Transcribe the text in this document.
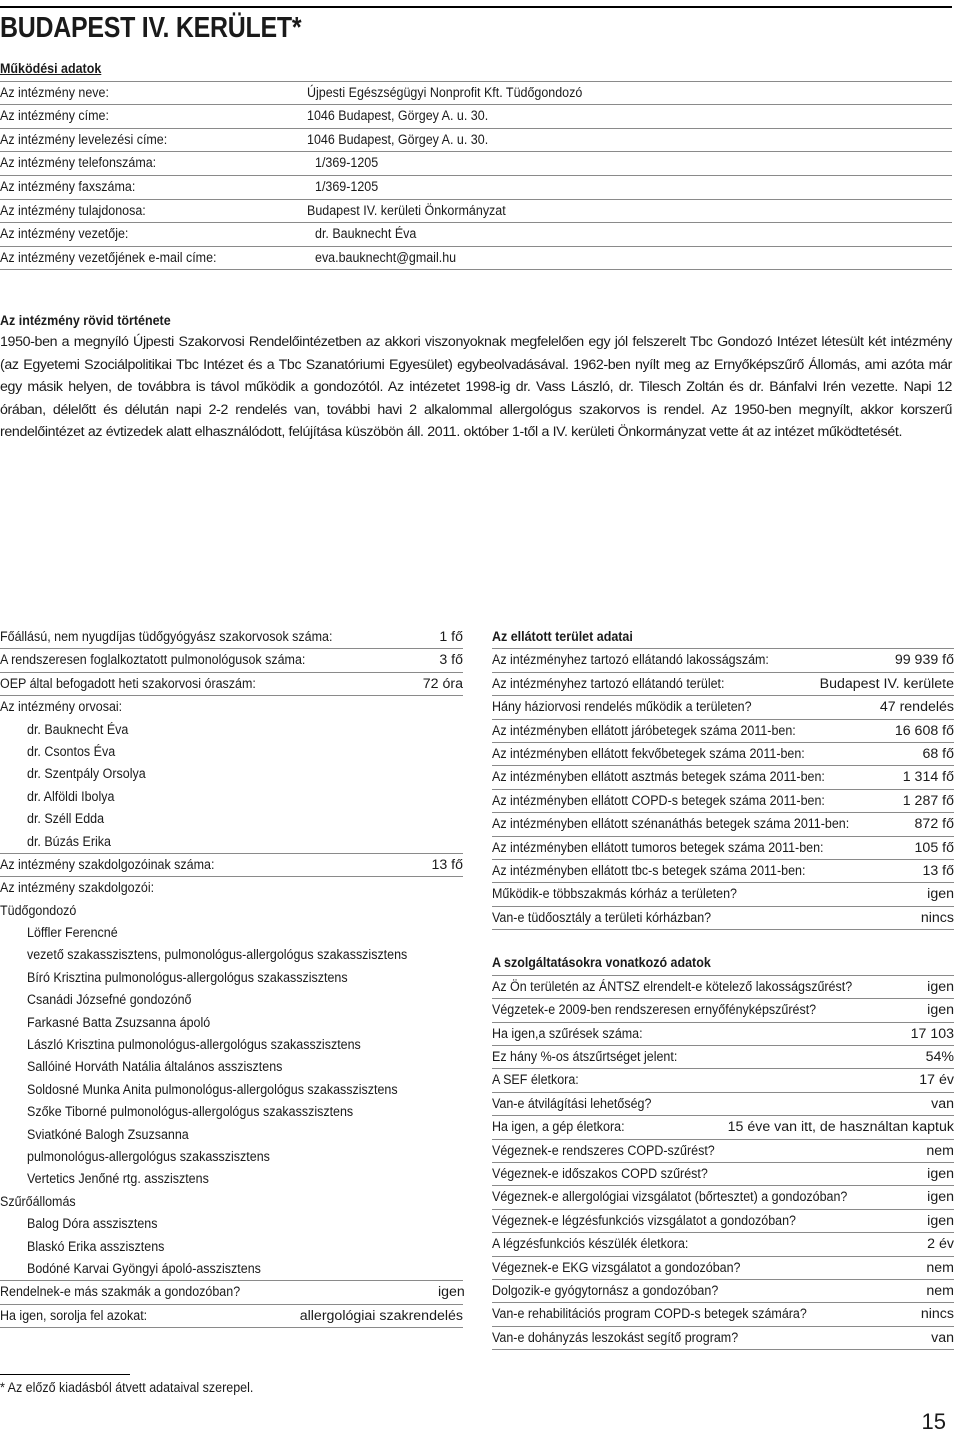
BUDAPEST IV. KERÜLET*
Működési adatok
Az intézmény neve:	Újpesti Egészségügyi Nonprofit Kft. Tüdőgondozó
Az intézmény címe:	1046 Budapest, Görgey A. u. 30.
Az intézmény levelezési címe:	1046 Budapest, Görgey A. u. 30.
Az intézmény telefonszáma:	1/369-1205
Az intézmény faxszáma:	1/369-1205
Az intézmény tulajdonosa:	Budapest IV. kerületi Önkormányzat
Az intézmény vezetője:	dr. Bauknecht Éva
Az intézmény vezetőjének e-mail címe:	eva.bauknecht@gmail.hu
Az intézmény rövid története

1950-ben a megnyíló Újpesti Szakorvosi Rendelőintézetben az akkori viszonyoknak megfelelően egy jól felszerelt Tbc Gondozó Intézet létesült két intézmény (az Egyetemi Szociálpolitikai Tbc Intézet és a Tbc Szanatóriumi Egyesület) egybeolvadásával. 1962-ben nyílt meg az Ernyőképszűrő Állomás, ami azóta már egy másik helyen, de továbbra is távol működik a gondozótól. Az intézetet 1998-ig dr. Vass László, dr. Tilesch Zoltán és dr. Bánfalvi Irén vezette. Napi 12 órában, délelőtt és délután napi 2-2 rendelés van, további havi 2 alkalommal allergológus szakorvos is rendel. Az 1950-ben megnyílt, akkor korszerű rendelőintézet az évtizedek alatt elhasználódott, felújítása küszöbön áll. 2011. október 1-től a IV. kerületi Önkormányzat vette át az intézet működtetését.

Főállású, nem nyugdíjas tüdőgyógyász szakorvosok száma:	1 fő
A rendszeresen foglalkoztatott pulmonológusok száma:	3 fő
OEP által befogadott heti szakorvosi óraszám:	72 óra
Az intézmény orvosai:
dr. Bauknecht Éva
dr. Csontos Éva
dr. Szentpály Orsolya
dr. Alföldi Ibolya
dr. Széll Edda
dr. Búzás Erika
Az intézmény szakdolgozóinak száma:	13 fő
Az intézmény szakdolgozói:
Tüdőgondozó
Löffler Ferencné
vezető szakasszisztens, pulmonológus-allergológus szakasszisztens
Bíró Krisztina pulmonológus-allergológus szakasszisztens
Csanádi Józsefné gondozónő
Farkasné Batta Zsuzsanna ápoló
László Krisztina pulmonológus-allergológus szakasszisztens
Sallóiné Horváth Natália általános asszisztens
Soldosné Munka Anita pulmonológus-allergológus szakasszisztens
Szőke Tiborné pulmonológus-allergológus szakasszisztens
Sviatkóné Balogh Zsuzsanna
pulmonológus-allergológus szakasszisztens
Vertetics Jenőné rtg. asszisztens
Szűrőállomás
Balog Dóra asszisztens
Blaskó Erika asszisztens
Bodóné Karvai Gyöngyi ápoló-asszisztens
Rendelnek-e más szakmák a gondozóban?	igen
Ha igen, sorolja fel azokat:	allergológiai szakrendelés
Az ellátott terület adatai
Az intézményhez tartozó ellátandó lakosságszám:	99 939 fő
Az intézményhez tartozó ellátandó terület:	Budapest IV. kerülete
Hány háziorvosi rendelés működik a területen?	47 rendelés
Az intézményben ellátott járóbetegek száma 2011-ben:	16 608 fő
Az intézményben ellátott fekvőbetegek száma 2011-ben:	68 fő
Az intézményben ellátott asztmás betegek száma 2011-ben:	1 314 fő
Az intézményben ellátott COPD-s betegek száma 2011-ben:	1 287 fő
Az intézményben ellátott szénanáthás betegek száma 2011-ben:	872 fő
Az intézményben ellátott tumoros betegek száma 2011-ben:	105 fő
Az intézményben ellátott tbc-s betegek száma 2011-ben:	13 fő
Működik-e többszakmás kórház a területen?	igen
Van-e tüdőosztály a területi kórházban?	nincs
A szolgáltatásokra vonatkozó adatok
Az Ön területén az ÁNTSZ elrendelt-e kötelező lakosságszűrést?	igen
Végzetek-e 2009-ben rendszeresen ernyőfényképszűrést?	igen
Ha igen,a szűrések száma:	17 103
Ez hány %-os átszűrtséget jelent:	54%
A SEF életkora:	17 év
Van-e átvilágítási lehetőség?	van
Ha igen, a gép életkora:	15 éve van itt, de használtan kaptuk
Végeznek-e rendszeres COPD-szűrést?	nem
Végeznek-e időszakos COPD szűrést?	igen
Végeznek-e allergológiai vizsgálatot (bőrtesztet) a gondozóban?	igen
Végeznek-e légzésfunkciós vizsgálatot a gondozóban?	igen
A légzésfunkciós készülék életkora:	2 év
Végeznek-e EKG vizsgálatot a gondozóban?	nem
Dolgozik-e gyógytornász a gondozóban?	nem
Van-e rehabilitációs program COPD-s betegek számára?	nincs
Van-e dohányzás leszokást segítő program?	van
* Az előző kiadásból átvett adataival szerepel.
15
